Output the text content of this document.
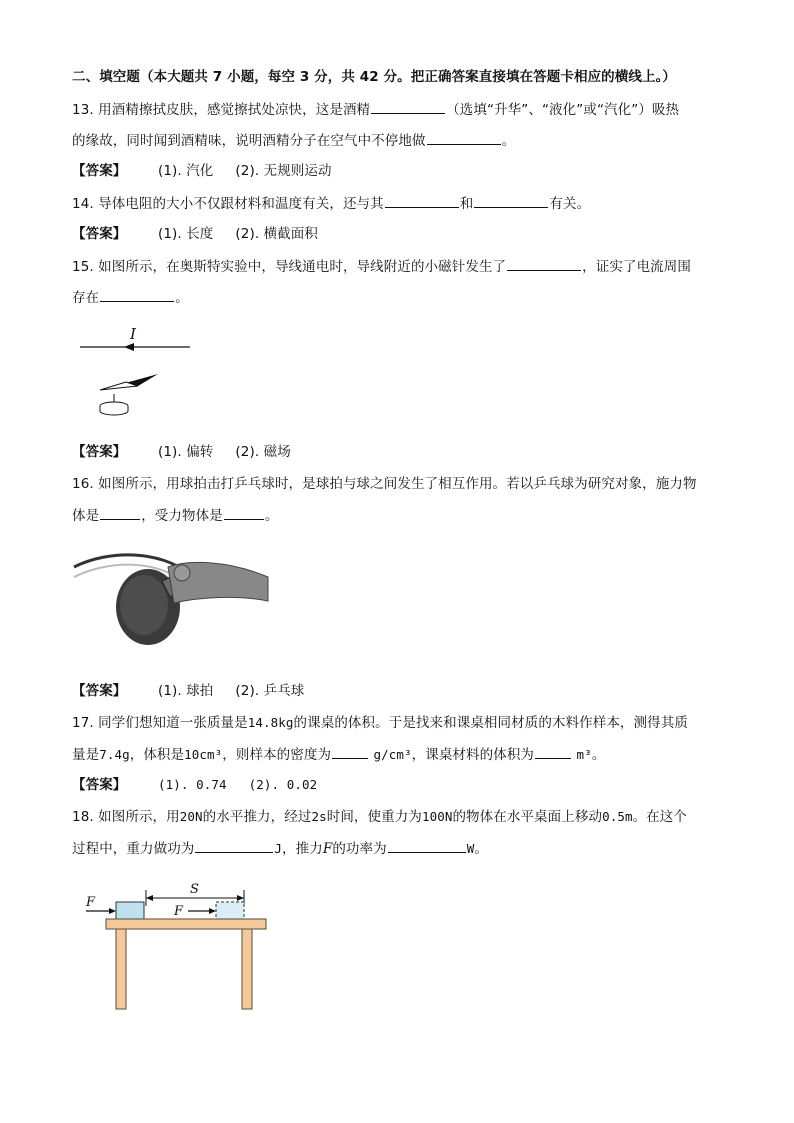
二、填空题（本大题共 7 小题，每空 3 分，共 42 分。把正确答案直接填在答题卡相应的横线上。）
13. 用酒精擦拭皮肤，感觉擦拭处凉快，这是酒精	（选填“升华”、“液化”或“汽化”）吸热
的缘故，同时闻到酒精味，说明酒精分子在空气中不停地做	。
【答案】 (1). 汽化 (2). 无规则运动
14. 导体电阻的大小不仅跟材料和温度有关，还与其	和	有关。
【答案】 (1). 长度 (2). 横截面积
15. 如图所示，在奥斯特实验中，导线通电时，导线附近的小磁针发生了	，证实了电流周围
存在	。
I
【答案】 (1). 偏转 (2). 磁场
16. 如图所示，用球拍击打乒乓球时，是球拍与球之间发生了相互作用。若以乒乓球为研究对象，施力物
体是	，受力物体是	。
【答案】 (1). 球拍 (2). 乒乓球
17. 同学们想知道一张质量是14.8kg的课桌的体积。于是找来和课桌相同材质的木料作样本，测得其质
量是7.4g，体积是10cm³，则样本的密度为	g/cm³，课桌材料的体积为	m³。
【答案】	(1). 0.74 (2). 0.02
18. 如图所示，用20N的水平推力，经过2s时间，使重力为100N的物体在水平桌面上移动0.5m。在这个
过程中，重力做功为	J，推力F的功率为	W。
S
F
F
